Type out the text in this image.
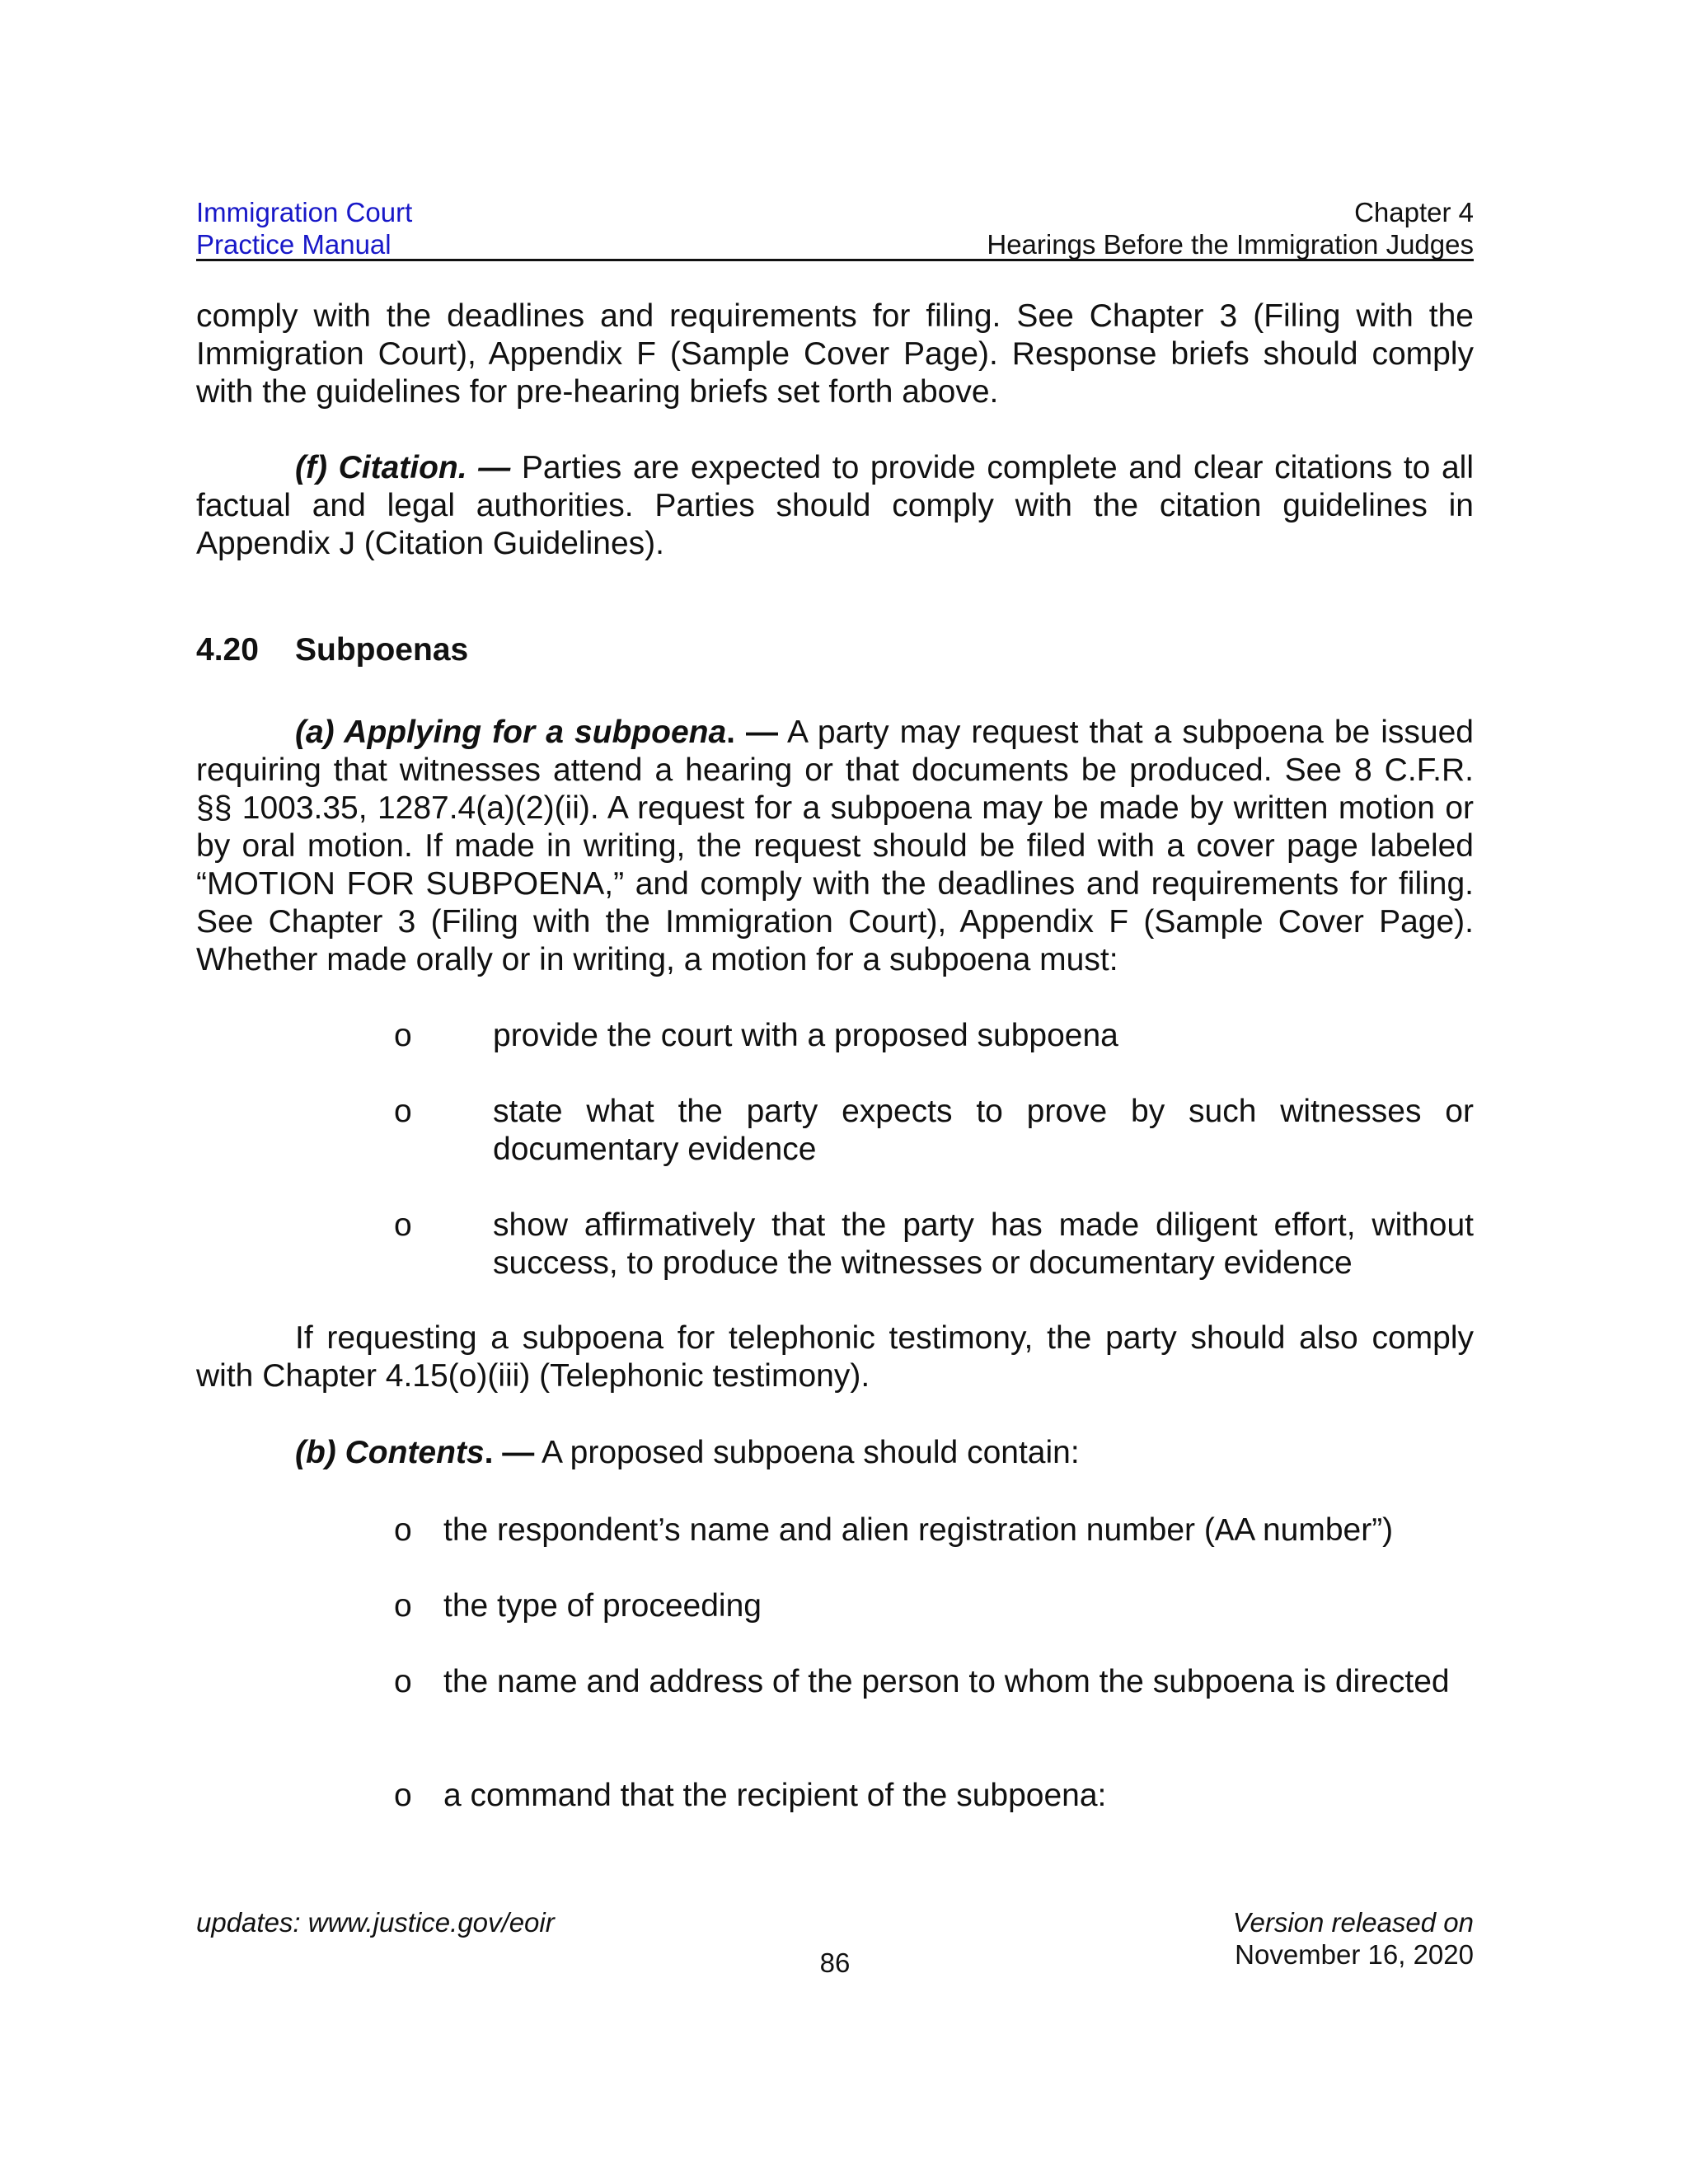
Immigration Court
Practice Manual
Chapter 4
Hearings Before the Immigration Judges

comply with the deadlines and requirements for filing. See Chapter 3 (Filing with the Immigration Court), Appendix F (Sample Cover Page). Response briefs should comply with the guidelines for pre-hearing briefs set forth above.

(f) Citation. — Parties are expected to provide complete and clear citations to all factual and legal authorities. Parties should comply with the citation guidelines in Appendix J (Citation Guidelines).

4.20 Subpoenas

(a) Applying for a subpoena. — A party may request that a subpoena be issued requiring that witnesses attend a hearing or that documents be produced. See 8 C.F.R. §§ 1003.35, 1287.4(a)(2)(ii). A request for a subpoena may be made by written motion or by oral motion. If made in writing, the request should be filed with a cover page labeled “MOTION FOR SUBPOENA,” and comply with the deadlines and requirements for filing. See Chapter 3 (Filing with the Immigration Court), Appendix F (Sample Cover Page). Whether made orally or in writing, a motion for a subpoena must:

o	provide the court with a proposed subpoena
o	state what the party expects to prove by such witnesses or documentary evidence
o	show affirmatively that the party has made diligent effort, without success, to produce the witnesses or documentary evidence

If requesting a subpoena for telephonic testimony, the party should also comply with Chapter 4.15(o)(iii) (Telephonic testimony).

(b) Contents. — A proposed subpoena should contain:

o the respondent’s name and alien registration number (AA number”)
o the type of proceeding
o the name and address of the person to whom the subpoena is directed
o a command that the recipient of the subpoena:
updates: www.justice.gov/eoir
86
Version released on
November 16, 2020
